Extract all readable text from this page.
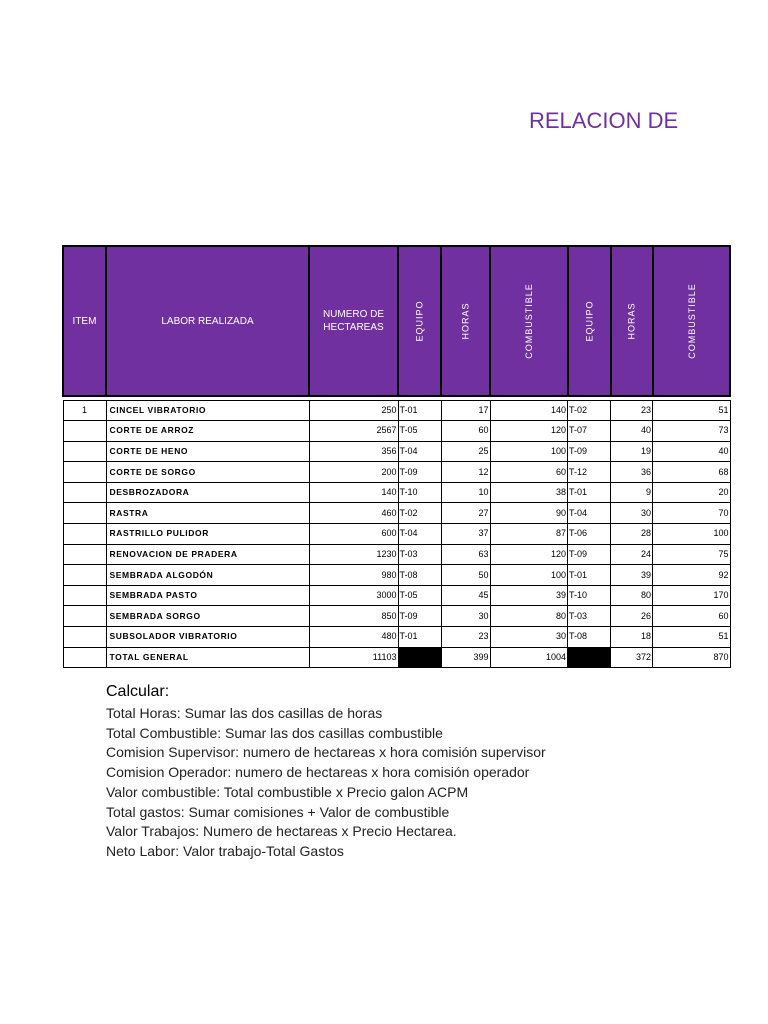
RELACION DE
ITEM	LABOR REALIZADA	NUMERO DE HECTAREAS	EQUIPO	HORAS	COMBUSTIBLE	EQUIPO	HORAS	COMBUSTIBLE

1	CINCEL VIBRATORIO	250	T-01	17	140	T-02	23	51
	CORTE DE ARROZ	2567	T-05	60	120	T-07	40	73
	CORTE DE HENO	356	T-04	25	100	T-09	19	40
	CORTE DE SORGO	200	T-09	12	60	T-12	36	68
	DESBROZADORA	140	T-10	10	38	T-01	9	20
	RASTRA	460	T-02	27	90	T-04	30	70
	RASTRILLO PULIDOR	600	T-04	37	87	T-06	28	100
	RENOVACION DE PRADERA	1230	T-03	63	120	T-09	24	75
	SEMBRADA ALGODÓN	980	T-08	50	100	T-01	39	92
	SEMBRADA PASTO	3000	T-05	45	39	T-10	80	170
	SEMBRADA SORGO	850	T-09	30	80	T-03	26	60
	SUBSOLADOR VIBRATORIO	480	T-01	23	30	T-08	18	51
	TOTAL GENERAL	11103		399	1004		372	870
Calcular:
Total Horas: Sumar las dos casillas de horas
Total Combustible: Sumar las dos casillas combustible
Comision Supervisor: numero de hectareas x hora comisión supervisor
Comision Operador: numero de hectareas x hora comisión operador
Valor combustible: Total combustible x Precio galon ACPM
Total gastos: Sumar comisiones + Valor de combustible
Valor Trabajos: Numero de hectareas x Precio Hectarea.
Neto Labor: Valor trabajo-Total Gastos
